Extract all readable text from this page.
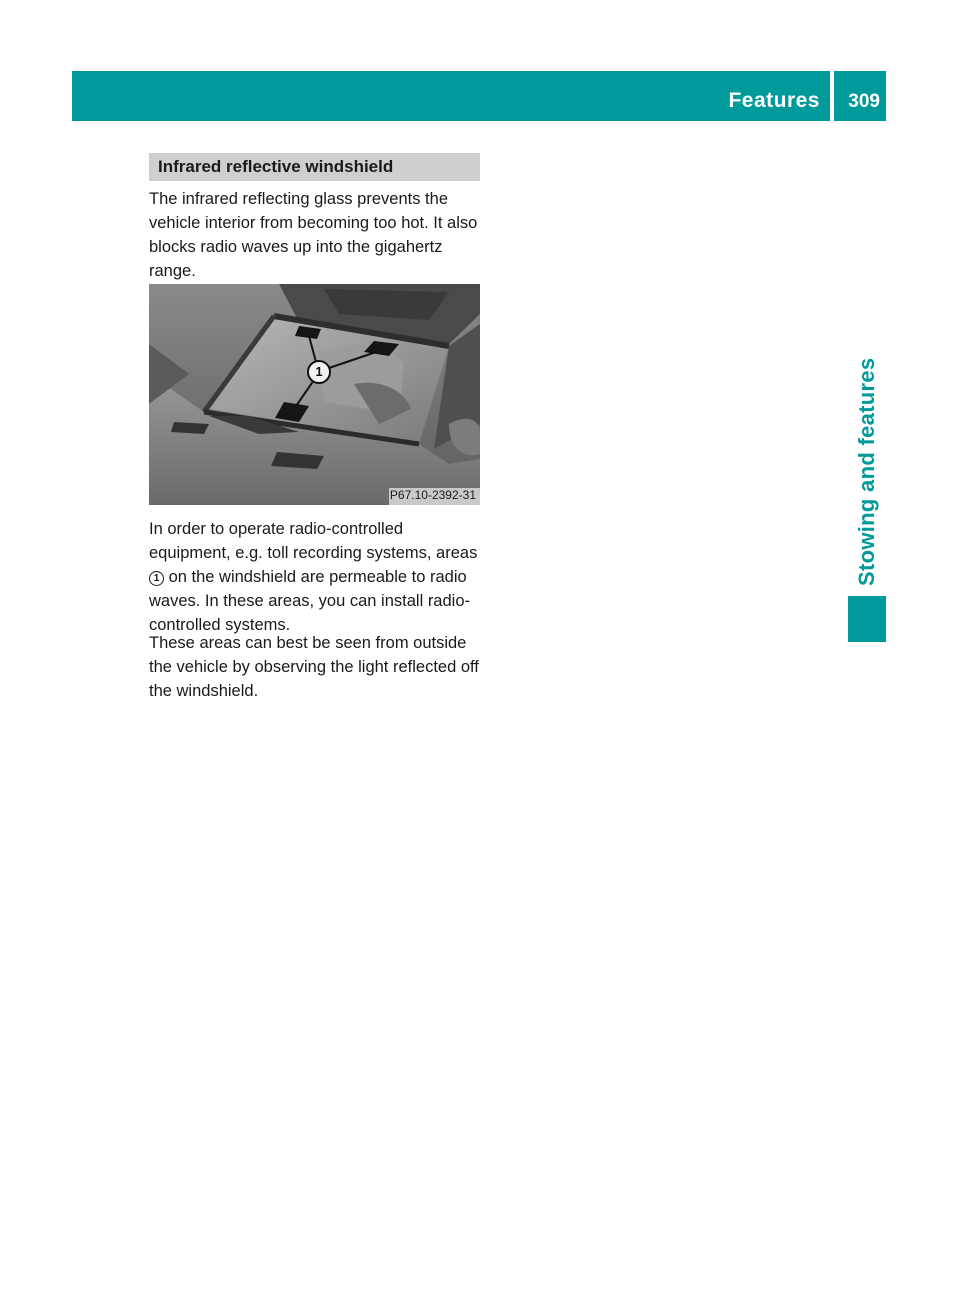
Features 309
Stowing and features
Infrared reflective windshield

The infrared reflecting glass prevents the vehicle interior from becoming too hot. It also blocks radio waves up into the gigahertz range.

1
P67.10-2392-31

In order to operate radio-controlled equipment, e.g. toll recording systems, areas 1 on the windshield are permeable to radio waves. In these areas, you can install radio-controlled systems.

These areas can best be seen from outside the vehicle by observing the light reflected off the windshield.
